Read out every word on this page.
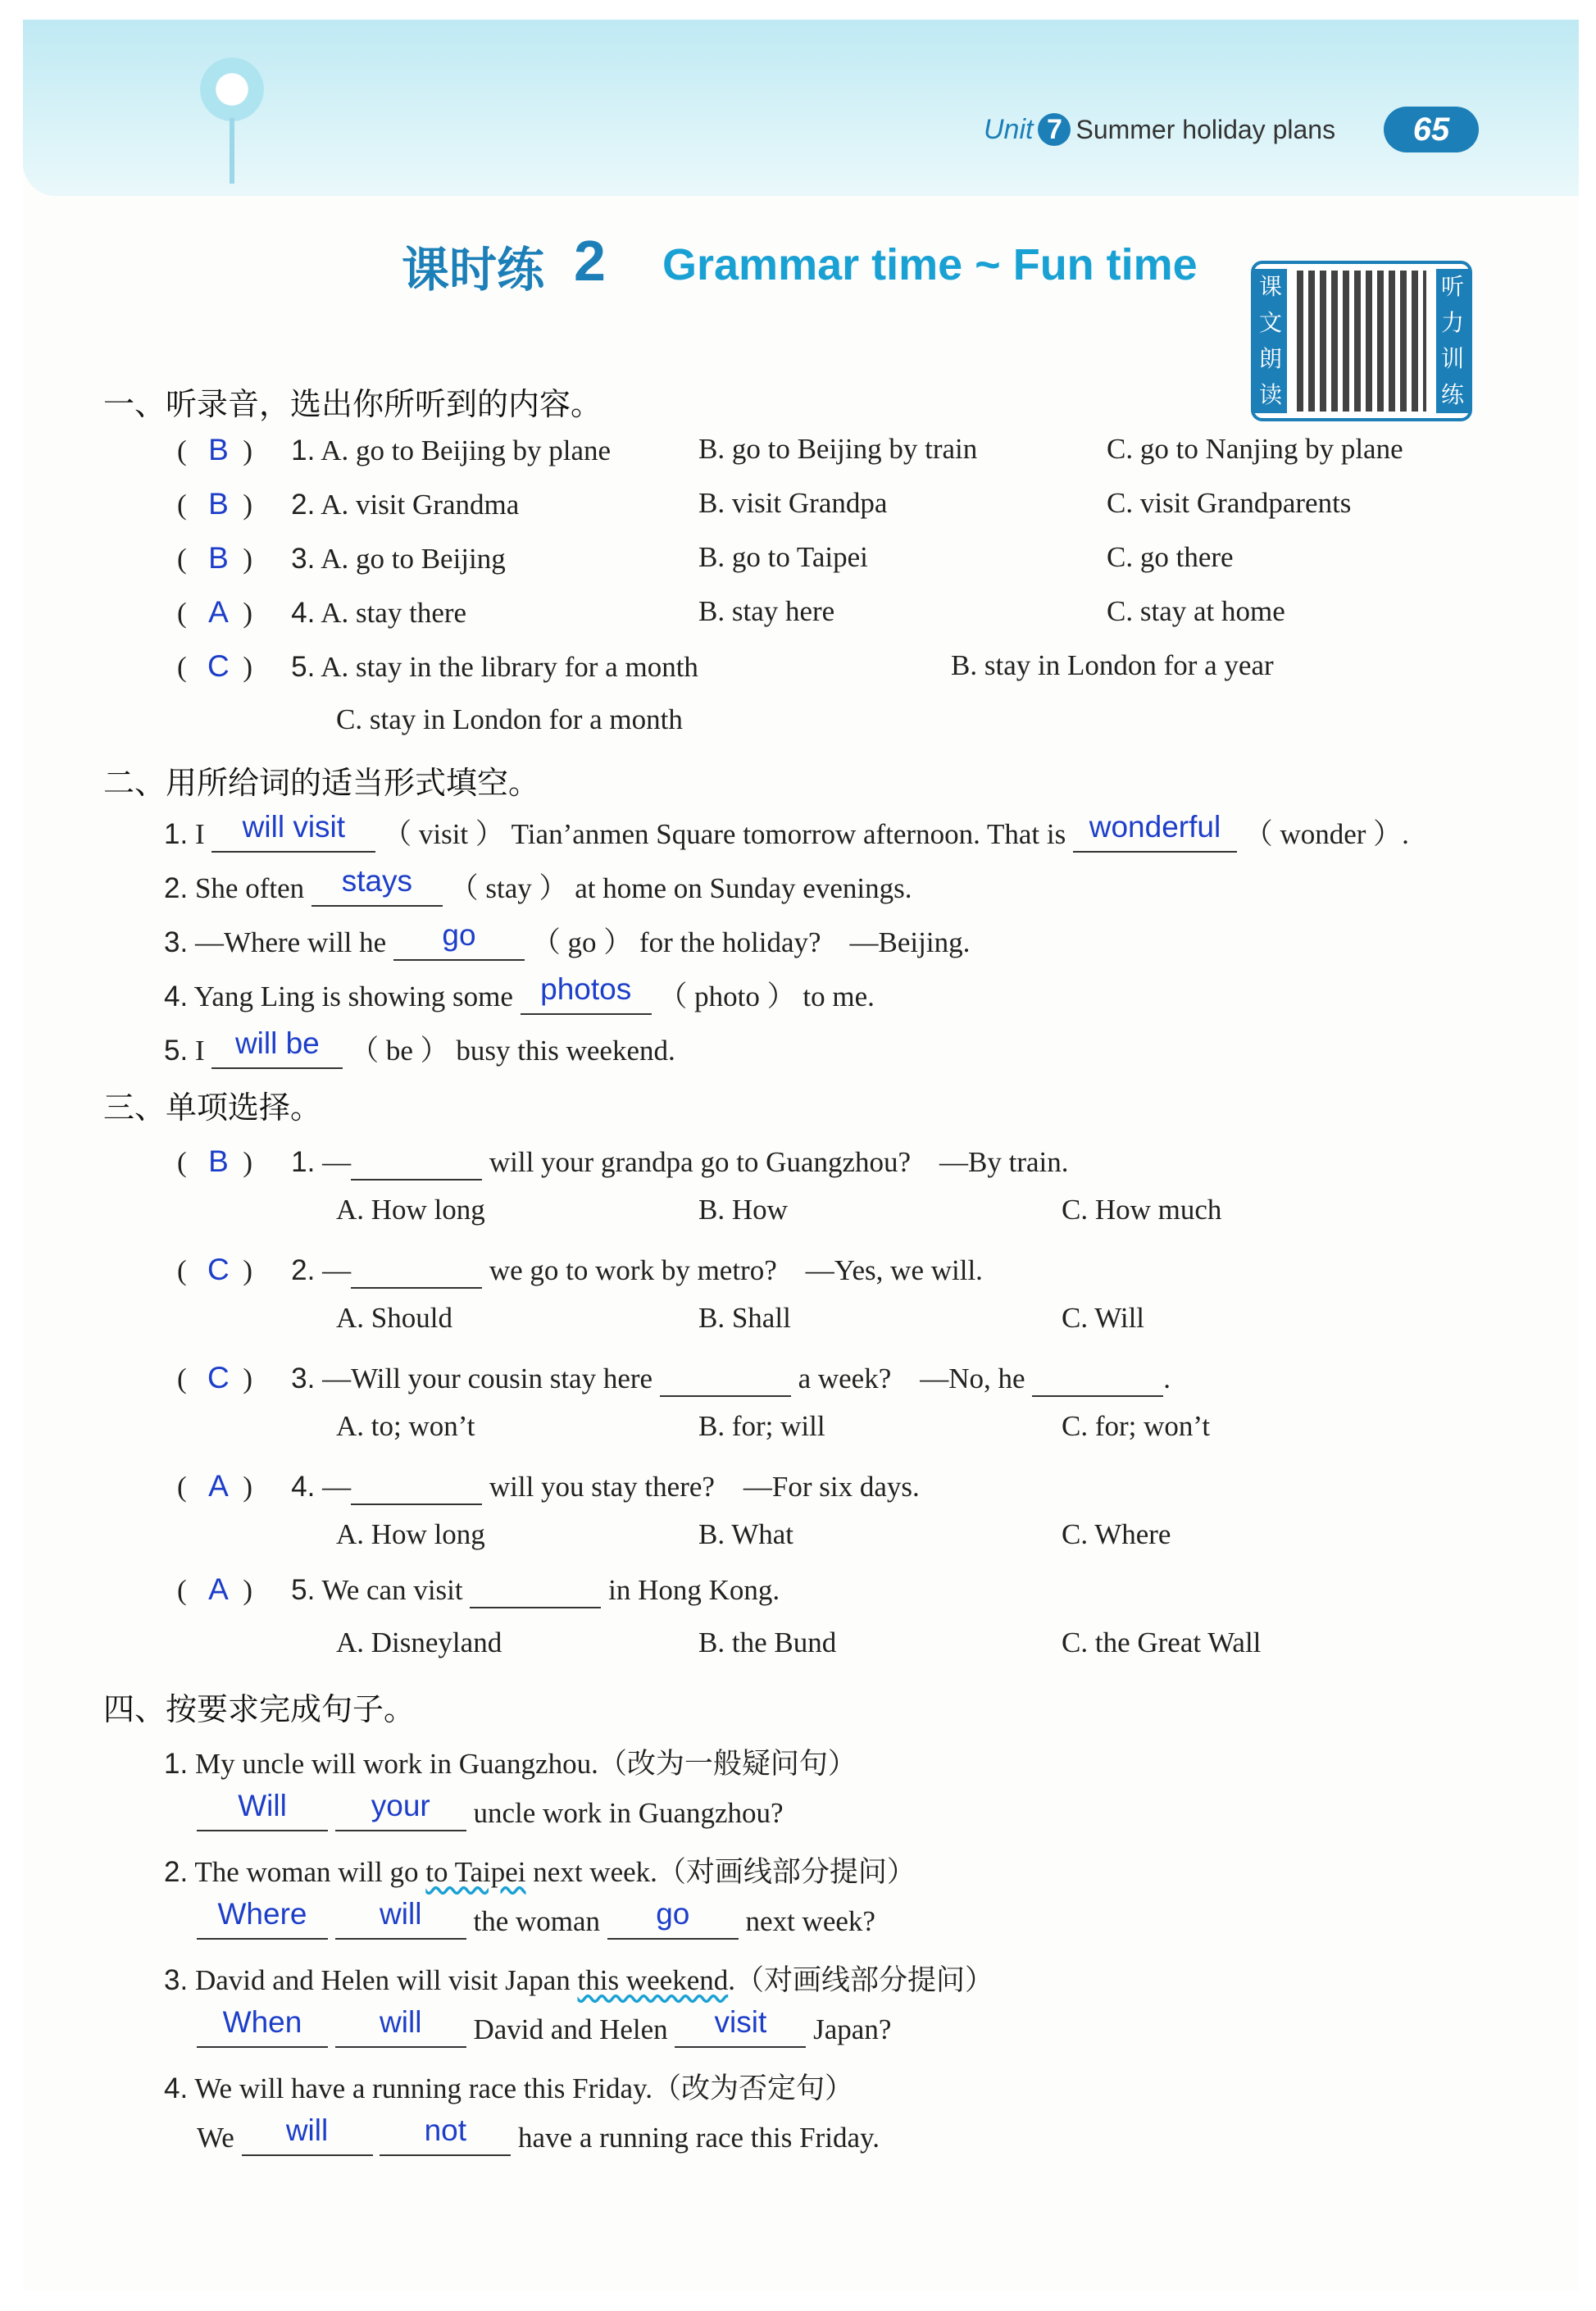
Unit 7 Summer holiday plans	65
课时练 2 Grammar time ~ Fun time	课
文
朗
读
听
力
训
练
一、听录音，选出你所听到的内容。
( B ) 1. A. go to Beijing by plane	B. go to Beijing by train	C. go to Nanjing by plane
( B ) 2. A. visit Grandma	B. visit Grandpa	C. visit Grandparents
( B ) 3. A. go to Beijing	B. go to Taipei	C. go there
( A ) 4. A. stay there	B. stay here	C. stay at home
( C ) 5. A. stay in the library for a month	B. stay in London for a year
C. stay in London for a month
二、用所给词的适当形式填空。
1. I will visit （ visit ） Tian’anmen Square tomorrow afternoon. That is wonderful （ wonder ）.
2. She often stays （ stay ） at home on Sunday evenings.
3. —Where will he go （ go ） for the holiday?　—Beijing.
4. Yang Ling is showing some photos （ photo ） to me.
5. I will be （ be ） busy this weekend.
三、单项选择。
( B ) 1. —	will your grandpa go to Guangzhou?　—By train.
A. How long	B. How	C. How much
( C ) 2. —	we go to work by metro?　—Yes, we will.
A. Should	B. Shall	C. Will
( C ) 3. —Will your cousin stay here	a week?　—No, he	.
A. to; won’t	B. for; will	C. for; won’t
( A ) 4. —	will you stay there?　—For six days.
A. How long	B. What	C. Where
( A ) 5. We can visit	in Hong Kong.
A. Disneyland	B. the Bund	C. the Great Wall
四、按要求完成句子。
1. My uncle will work in Guangzhou.（改为一般疑问句）
Will	your uncle work in Guangzhou?
2. The woman will go to Taipei next week.（对画线部分提问）
Where will the woman go next week?
3. David and Helen will visit Japan this weekend.（对画线部分提问）
When	will David and Helen visit Japan?
4. We will have a running race this Friday.（改为否定句）
We will	not have a running race this Friday.
